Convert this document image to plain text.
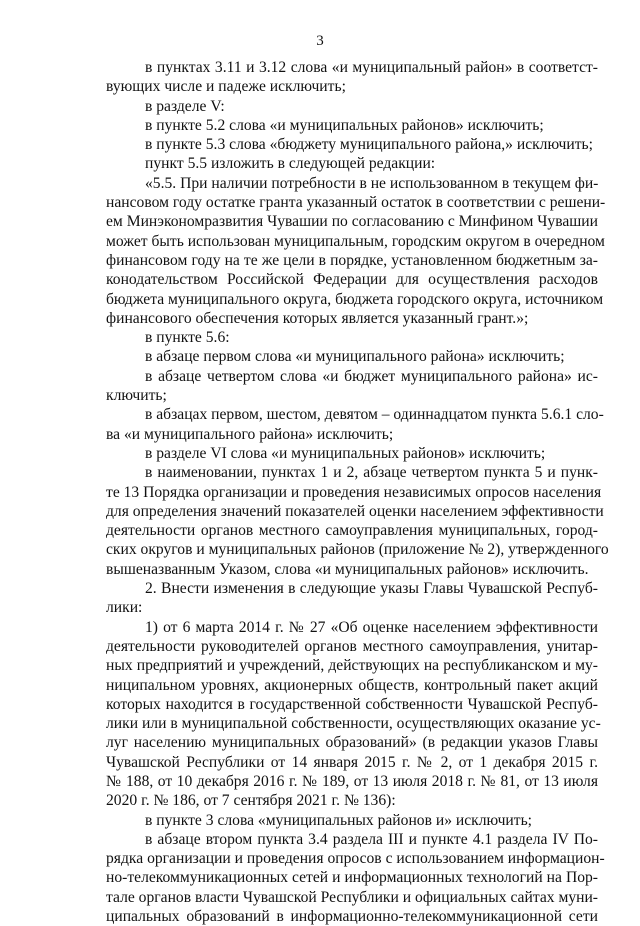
3
в пунктах 3.11 и 3.12 слова «и муниципальный район» в соответст-
вующих числе и падеже исключить;
в разделе V:
в пункте 5.2 слова «и муниципальных районов» исключить;
в пункте 5.3 слова «бюджету муниципального района,» исключить;
пункт 5.5 изложить в следующей редакции:
«5.5. При наличии потребности в не использованном в текущем фи-
нансовом году остатке гранта указанный остаток в соответствии с решени-
ем Минэкономразвития Чувашии по согласованию с Минфином Чувашии
может быть использован муниципальным, городским округом в очередном
финансовом году на те же цели в порядке, установленном бюджетным за-
конодательством Российской Федерации для осуществления расходов
бюджета муниципального округа, бюджета городского округа, источником
финансового обеспечения которых является указанный грант.»;
в пункте 5.6:
в абзаце первом слова «и муниципального района» исключить;
в абзаце четвертом слова «и бюджет муниципального района» ис-
ключить;
в абзацах первом, шестом, девятом – одиннадцатом пункта 5.6.1 сло-
ва «и муниципального района» исключить;
в разделе VI слова «и муниципальных районов» исключить;
в наименовании, пунктах 1 и 2, абзаце четвертом пункта 5 и пунк-
те 13 Порядка организации и проведения независимых опросов населения
для определения значений показателей оценки населением эффективности
деятельности органов местного самоуправления муниципальных, город-
ских округов и муниципальных районов (приложение № 2), утвержденного
вышеназванным Указом, слова «и муниципальных районов» исключить.
2. Внести изменения в следующие указы Главы Чувашской Респуб-
лики:
1) от 6 марта 2014 г. № 27 «Об оценке населением эффективности
деятельности руководителей органов местного самоуправления, унитар-
ных предприятий и учреждений, действующих на республиканском и му-
ниципальном уровнях, акционерных обществ, контрольный пакет акций
которых находится в государственной собственности Чувашской Респуб-
лики или в муниципальной собственности, осуществляющих оказание ус-
луг населению муниципальных образований» (в редакции указов Главы
Чувашской Республики от 14 января 2015 г. № 2, от 1 декабря 2015 г.
№ 188, от 10 декабря 2016 г. № 189, от 13 июля 2018 г. № 81, от 13 июля
2020 г. № 186, от 7 сентября 2021 г. № 136):
в пункте 3 слова «муниципальных районов и» исключить;
в абзаце втором пункта 3.4 раздела III и пункте 4.1 раздела IV По-
рядка организации и проведения опросов с использованием информацион-
но-телекоммуникационных сетей и информационных технологий на Пор-
тале органов власти Чувашской Республики и официальных сайтах муни-
ципальных образований в информационно-телекоммуникационной сети
